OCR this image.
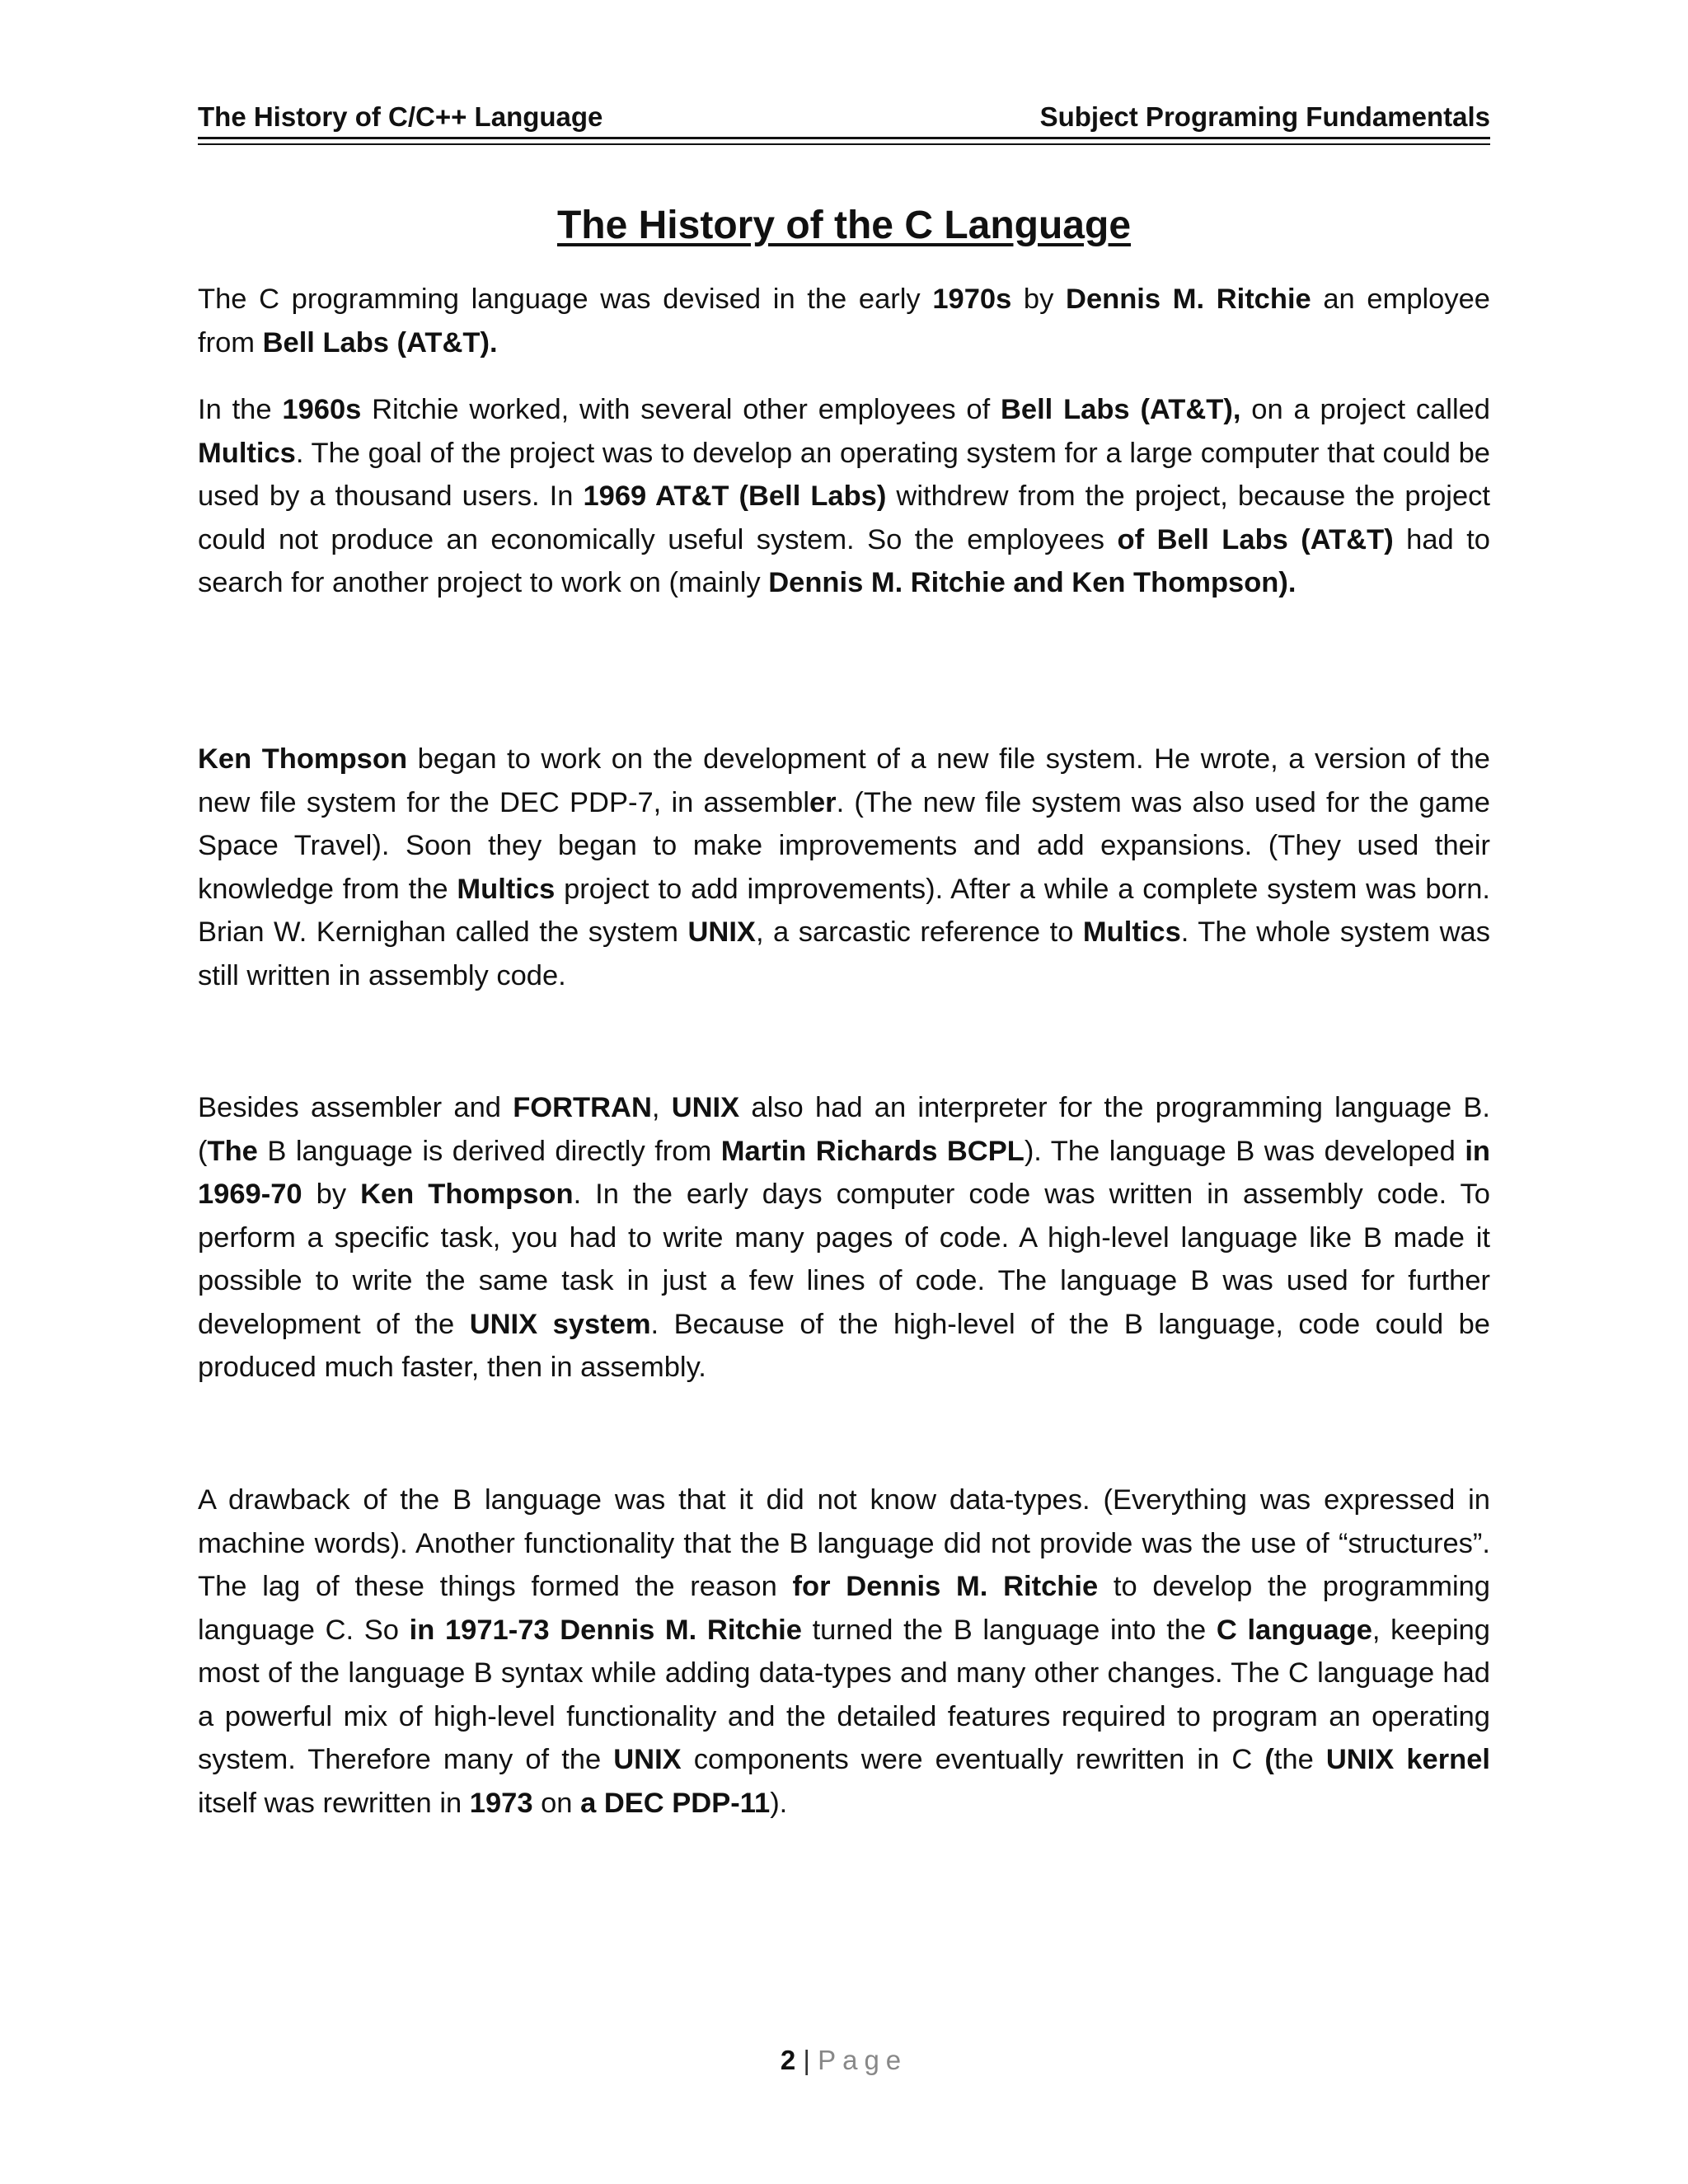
The History of C/C++ Language	Subject Programing Fundamentals
The History of the C Language

The C programming language was devised in the early 1970s by Dennis M. Ritchie an employee from Bell Labs (AT&T).

In the 1960s Ritchie worked, with several other employees of Bell Labs (AT&T), on a project called Multics. The goal of the project was to develop an operating system for a large computer that could be used by a thousand users. In 1969 AT&T (Bell Labs) withdrew from the project, because the project could not produce an economically useful system. So the employees of Bell Labs (AT&T) had to search for another project to work on (mainly Dennis M. Ritchie and Ken Thompson).

Ken Thompson began to work on the development of a new file system. He wrote, a version of the new file system for the DEC PDP-7, in assembler. (The new file system was also used for the game Space Travel). Soon they began to make improvements and add expansions. (They used their knowledge from the Multics project to add improvements). After a while a complete system was born. Brian W. Kernighan called the system UNIX, a sarcastic reference to Multics. The whole system was still written in assembly code.

Besides assembler and FORTRAN, UNIX also had an interpreter for the programming language B. (The B language is derived directly from Martin Richards BCPL). The language B was developed in 1969-70 by Ken Thompson. In the early days computer code was written in assembly code. To perform a specific task, you had to write many pages of code. A high-level language like B made it possible to write the same task in just a few lines of code. The language B was used for further development of the UNIX system. Because of the high-level of the B language, code could be produced much faster, then in assembly.

A drawback of the B language was that it did not know data-types. (Everything was expressed in machine words). Another functionality that the B language did not provide was the use of “structures”. The lag of these things formed the reason for Dennis M. Ritchie to develop the programming language C. So in 1971-73 Dennis M. Ritchie turned the B language into the C language, keeping most of the language B syntax while adding data-types and many other changes. The C language had a powerful mix of high-level functionality and the detailed features required to program an operating system. Therefore many of the UNIX components were eventually rewritten in C (the UNIX kernel itself was rewritten in 1973 on a DEC PDP-11).

2 | Page
